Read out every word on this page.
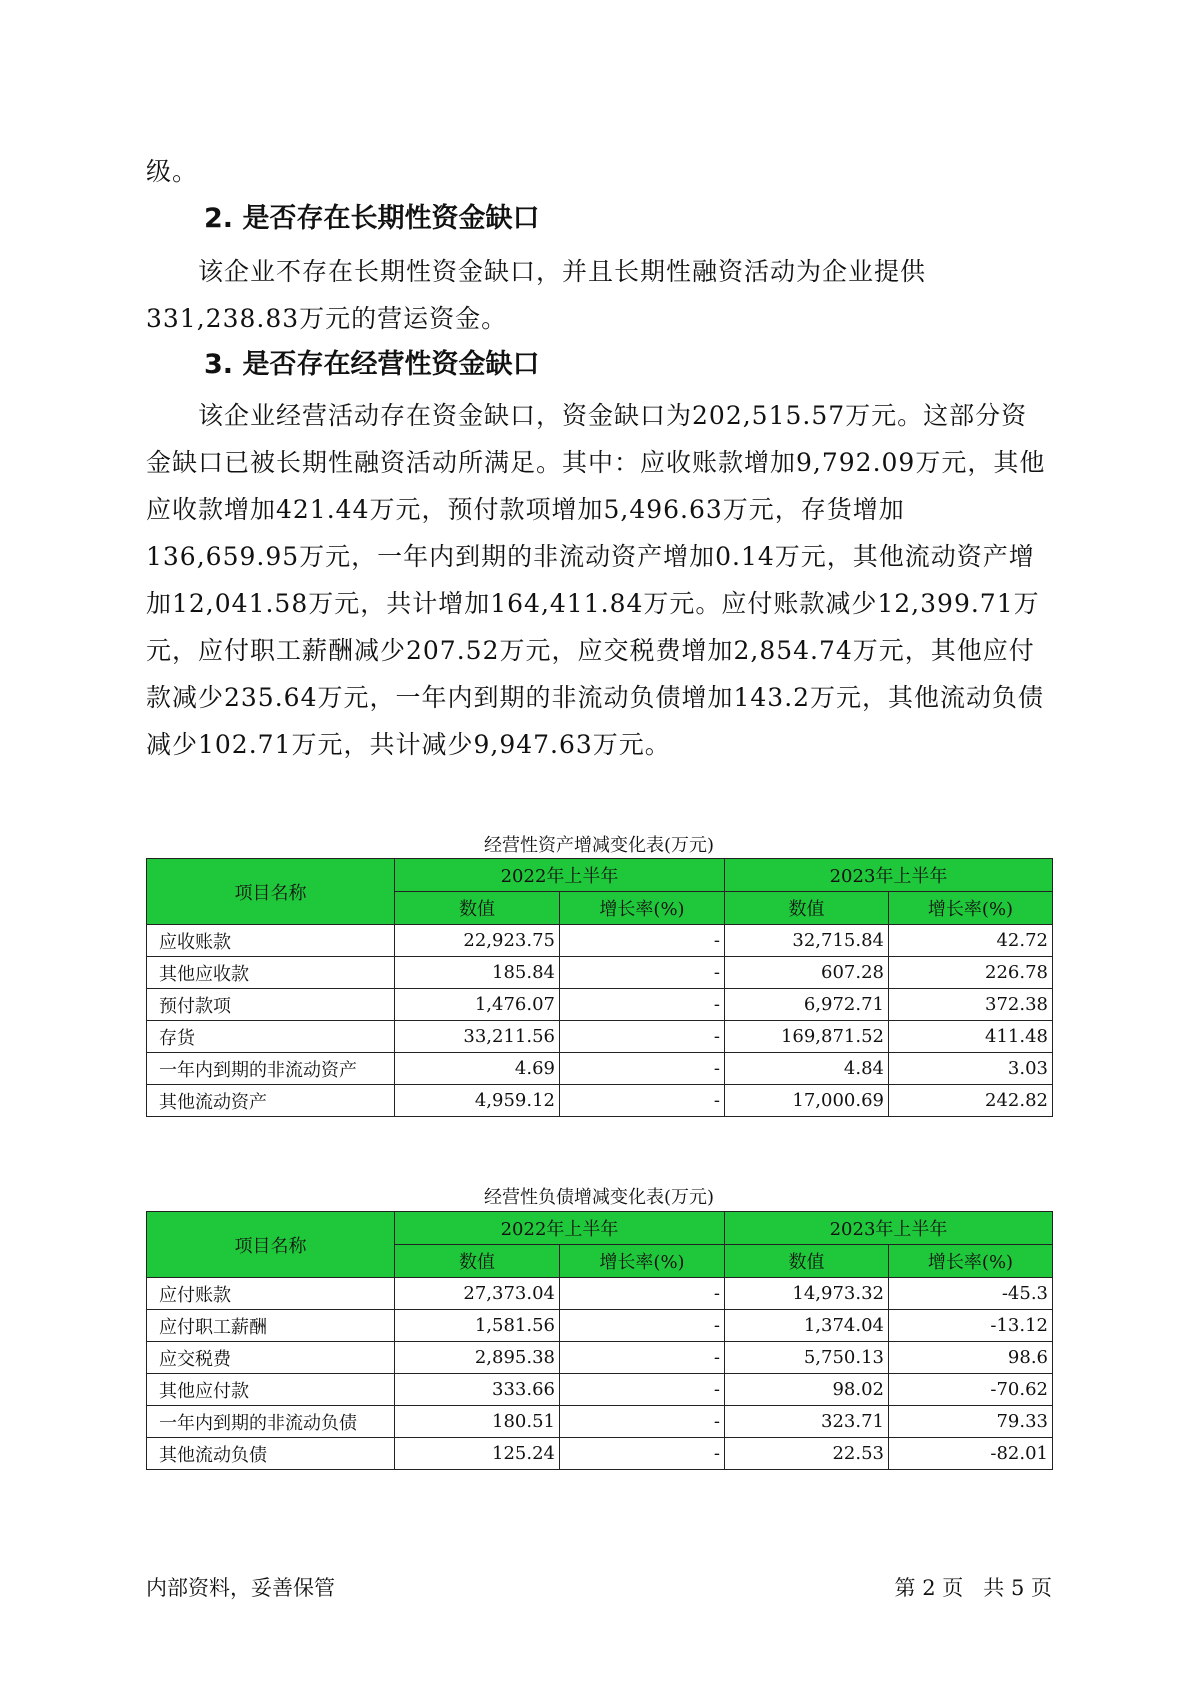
级。

2. 是否存在长期性资金缺口

该企业不存在长期性资金缺口，并且长期性融资活动为企业提供331,238.83万元的营运资金。

3. 是否存在经营性资金缺口

该企业经营活动存在资金缺口，资金缺口为202,515.57万元。这部分资金缺口已被长期性融资活动所满足。其中：应收账款增加9,792.09万元，其他应收款增加421.44万元，预付款项增加5,496.63万元，存货增加136,659.95万元，一年内到期的非流动资产增加0.14万元，其他流动资产增加12,041.58万元，共计增加164,411.84万元。应付账款减少12,399.71万元，应付职工薪酬减少207.52万元，应交税费增加2,854.74万元，其他应付款减少235.64万元，一年内到期的非流动负债增加143.2万元，其他流动负债减少102.71万元，共计减少9,947.63万元。

经营性资产增减变化表(万元)
项目名称	2022年上半年		2023年上半年	
	数值	增长率(%)	数值	增长率(%)
应收账款	22,923.75	-	32,715.84	42.72
其他应收款	185.84	-	607.28	226.78
预付款项	1,476.07	-	6,972.71	372.38
存货	33,211.56	-	169,871.52	411.48
一年内到期的非流动资产	4.69	-	4.84	3.03
其他流动资产	4,959.12	-	17,000.69	242.82
经营性负债增减变化表(万元)
项目名称	2022年上半年		2023年上半年	
	数值	增长率(%)	数值	增长率(%)
应付账款	27,373.04	-	14,973.32	-45.3
应付职工薪酬	1,581.56	-	1,374.04	-13.12
应交税费	2,895.38	-	5,750.13	98.6
其他应付款	333.66	-	98.02	-70.62
一年内到期的非流动负债	180.51	-	323.71	79.33
其他流动负债	125.24	-	22.53	-82.01
内部资料，妥善保管	第 2 页   共 5 页
